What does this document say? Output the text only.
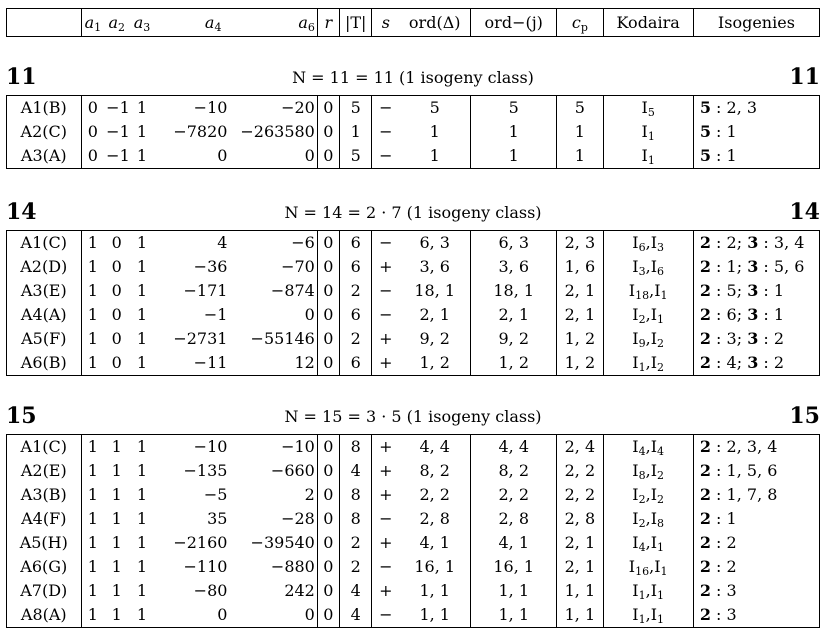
	$a_1$	$a_2$	$a_3$	$a_4$	$a_6$	r	|T|	s	ord(Δ)	ord−(j)	$c_p$	Kodaira	Isogenies
11	N = 11 = 11 (1 isogeny class)	11
A1(B)	0	−1	1	−10	−20	0	5	−	5	5	5	$I_5$	5 : 2, 3
A2(C)	0	−1	1	−7820	−263580	0	1	−	1	1	1	$I_1$	5 : 1
A3(A)	0	−1	1	0	0	0	5	−	1	1	1	$I_1$	5 : 1
14	N = 14 = 2 · 7 (1 isogeny class)	14
A1(C)	1	0	1	4	−6	0	6	−	6, 3	6, 3	2, 3	$I_6,I_3$	2 : 2; 3 : 3, 4
A2(D)	1	0	1	−36	−70	0	6	+	3, 6	3, 6	1, 6	$I_3,I_6$	2 : 1; 3 : 5, 6
A3(E)	1	0	1	−171	−874	0	2	−	18, 1	18, 1	2, 1	$I_{18},I_1$	2 : 5; 3 : 1
A4(A)	1	0	1	−1	0	0	6	−	2, 1	2, 1	2, 1	$I_2,I_1$	2 : 6; 3 : 1
A5(F)	1	0	1	−2731	−55146	0	2	+	9, 2	9, 2	1, 2	$I_9,I_2$	2 : 3; 3 : 2
A6(B)	1	0	1	−11	12	0	6	+	1, 2	1, 2	1, 2	$I_1,I_2$	2 : 4; 3 : 2
15	N = 15 = 3 · 5 (1 isogeny class)	15
A1(C)	1	1	1	−10	−10	0	8	+	4, 4	4, 4	2, 4	$I_4,I_4$	2 : 2, 3, 4
A2(E)	1	1	1	−135	−660	0	4	+	8, 2	8, 2	2, 2	$I_8,I_2$	2 : 1, 5, 6
A3(B)	1	1	1	−5	2	0	8	+	2, 2	2, 2	2, 2	$I_2,I_2$	2 : 1, 7, 8
A4(F)	1	1	1	35	−28	0	8	−	2, 8	2, 8	2, 8	$I_2,I_8$	2 : 1
A5(H)	1	1	1	−2160	−39540	0	2	+	4, 1	4, 1	2, 1	$I_4,I_1$	2 : 2
A6(G)	1	1	1	−110	−880	0	2	−	16, 1	16, 1	2, 1	$I_{16},I_1$	2 : 2
A7(D)	1	1	1	−80	242	0	4	+	1, 1	1, 1	1, 1	$I_1,I_1$	2 : 3
A8(A)	1	1	1	0	0	0	4	−	1, 1	1, 1	1, 1	$I_1,I_1$	2 : 3
